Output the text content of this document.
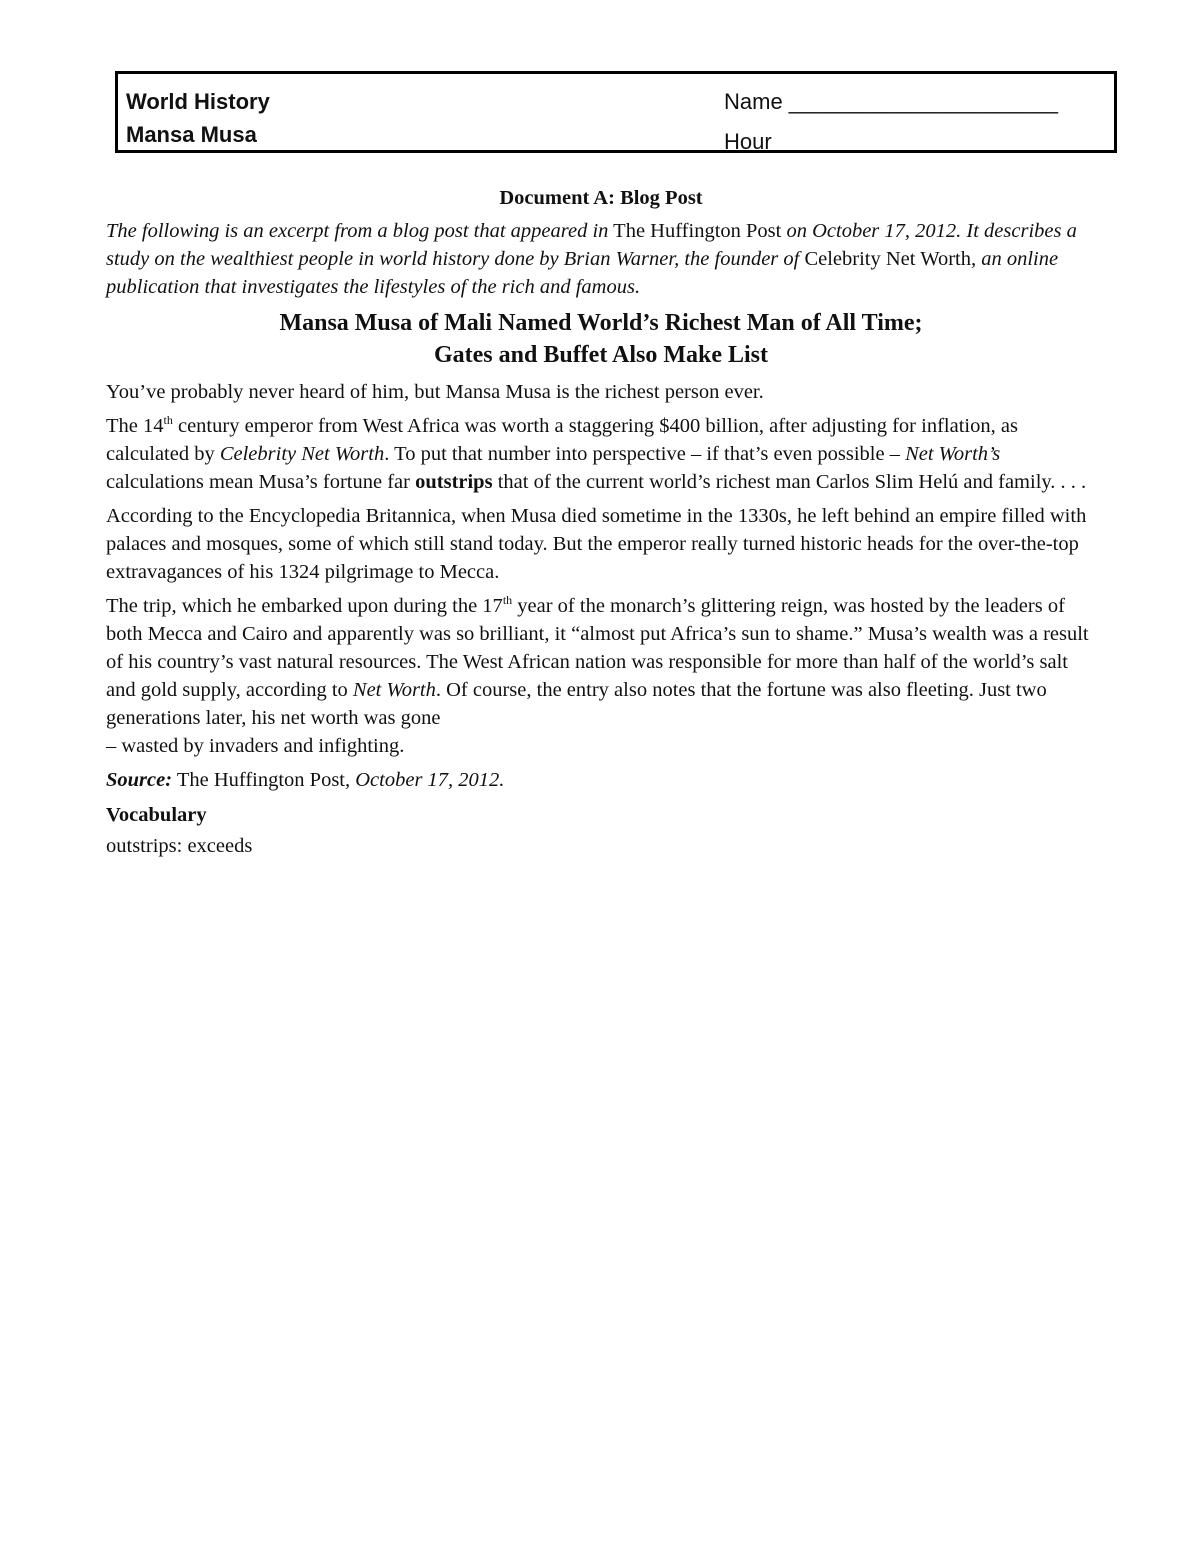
World History
Mansa Musa
Name ______________________
Hour
Document A: Blog Post
The following is an excerpt from a blog post that appeared in The Huffington Post on October 17, 2012. It describes a study on the wealthiest people in world history done by Brian Warner, the founder of Celebrity Net Worth, an online publication that investigates the lifestyles of the rich and famous.
Mansa Musa of Mali Named World’s Richest Man of All Time;
Gates and Buffet Also Make List

You’ve probably never heard of him, but Mansa Musa is the richest person ever.

The 14th century emperor from West Africa was worth a staggering $400 billion, after adjusting for inflation, as calculated by Celebrity Net Worth. To put that number into perspective – if that’s even possible – Net Worth’s calculations mean Musa’s fortune far outstrips that of the current world’s richest man Carlos Slim Helú and family. . . .

According to the Encyclopedia Britannica, when Musa died sometime in the 1330s, he left behind an empire filled with palaces and mosques, some of which still stand today. But the emperor really turned historic heads for the over-the-top extravagances of his 1324 pilgrimage to Mecca.

The trip, which he embarked upon during the 17th year of the monarch’s glittering reign, was hosted by the leaders of both Mecca and Cairo and apparently was so brilliant, it “almost put Africa’s sun to shame.” Musa’s wealth was a result of his country’s vast natural resources. The West African nation was responsible for more than half of the world’s salt and gold supply, according to Net Worth. Of course, the entry also notes that the fortune was also fleeting. Just two generations later, his net worth was gone
– wasted by invaders and infighting.

Source: The Huffington Post, October 17, 2012.
Vocabulary
outstrips: exceeds
